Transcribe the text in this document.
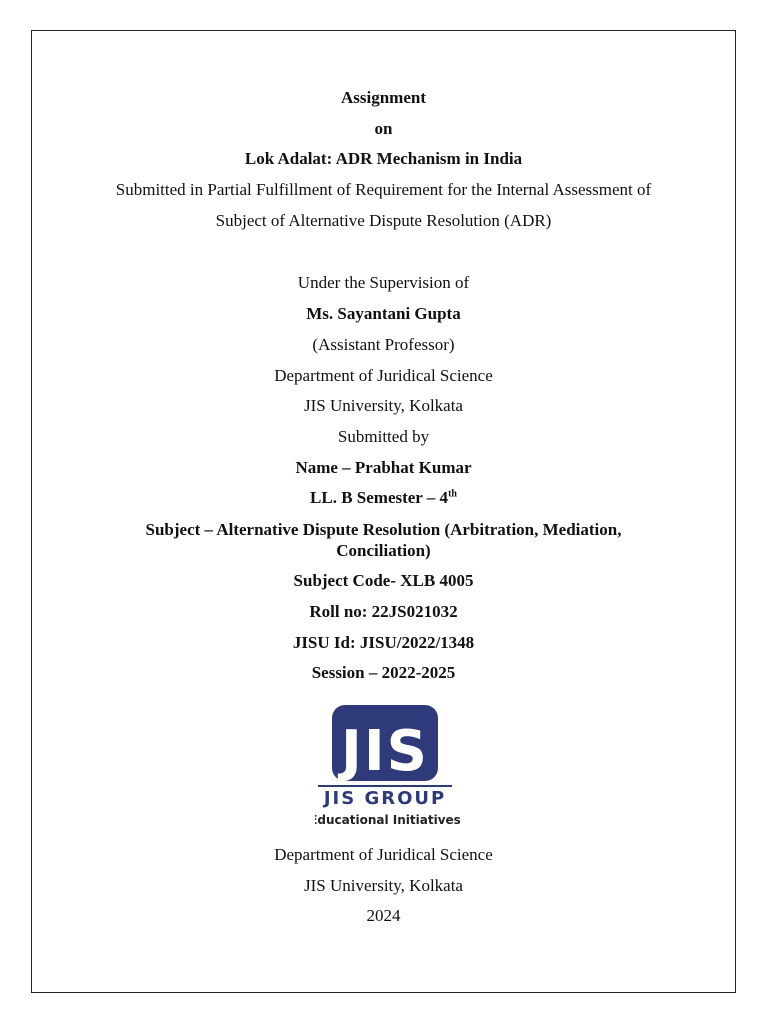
Assignment
on
Lok Adalat: ADR Mechanism in India
Submitted in Partial Fulfillment of Requirement for the Internal Assessment of
Subject of Alternative Dispute Resolution (ADR)
Under the Supervision of
Ms. Sayantani Gupta
(Assistant Professor)
Department of Juridical Science
JIS University, Kolkata
Submitted by
Name – Prabhat Kumar
LL. B Semester – 4th
Subject – Alternative Dispute Resolution (Arbitration, Mediation,
Conciliation)
Subject Code- XLB 4005
Roll no: 22JS021032
JISU Id: JISU/2022/1348
Session – 2022-2025
JIS
JIS GROUP
Educational Initiatives
Department of Juridical Science
JIS University, Kolkata
2024
